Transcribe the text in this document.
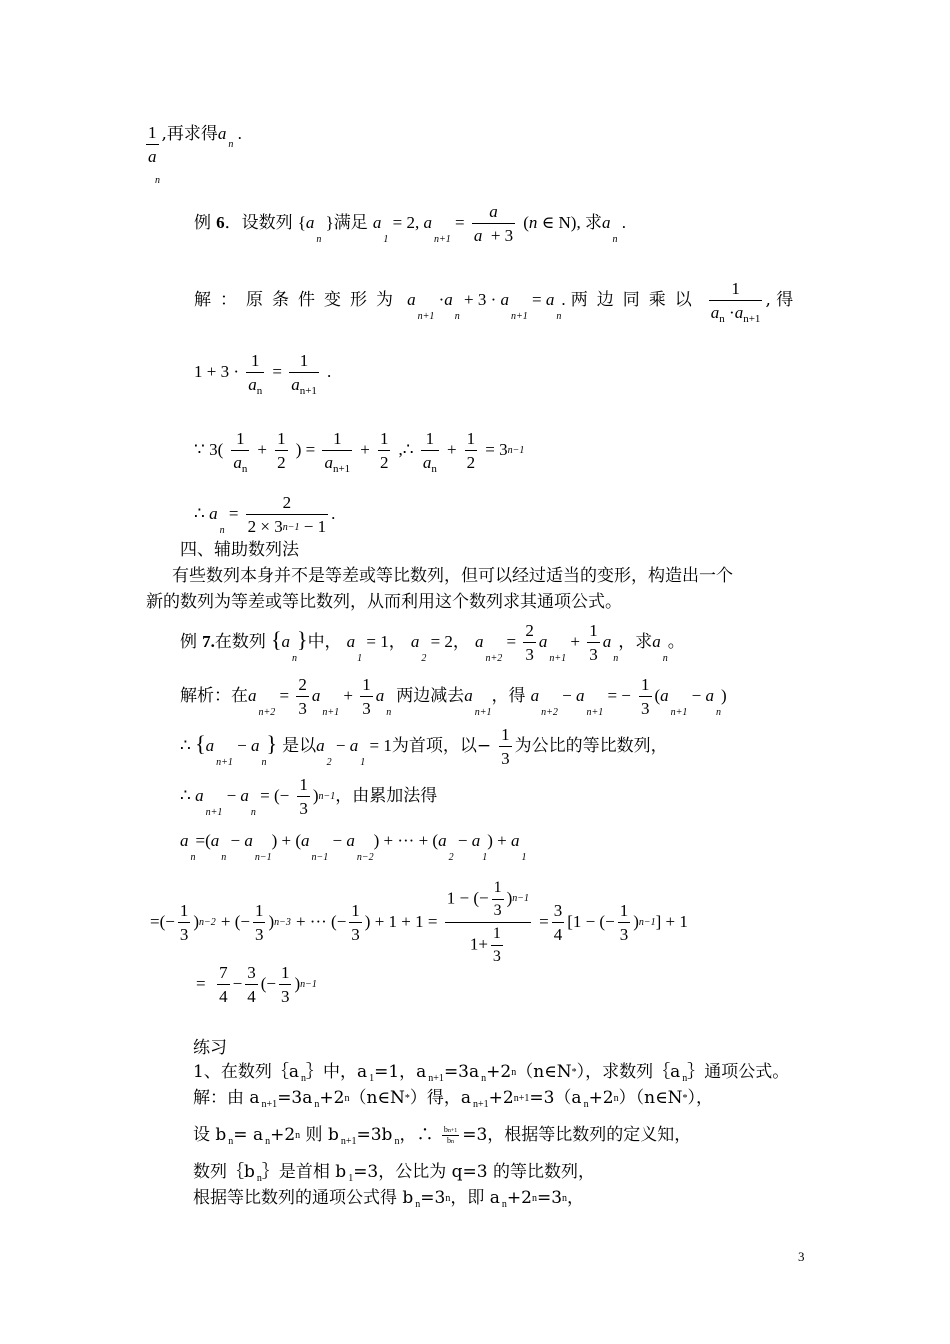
$\frac{1}{a}$ ,再求得an .
n
例 6．设数列 {$a_n$ }满足 $a_1 = 2$, $a_{n+1} = \frac{a}{a + 3} (n$ ∈ N), 求$a_n$ .
解：原条件变形为 $a_{n+1} \cdot a_n + 3 \cdot a_{n+1} = a_n$. 两边同乘以 $\frac{1}{a_n \cdot a_{n+1}}$ , 得
$1 + 3 \cdot \frac{1}{a_n} = \frac{1}{a_{n+1}}$ .
∵ $3( \frac{1}{a_n} + \frac{1}{2}$ ) = $\frac{1}{a_{n+1}} + \frac{1}{2}$ ,∴ $\frac{1}{a_n} + \frac{1}{2} = 3n-1$
∴ $a_n = \frac{2}{2 \times 3n-1 - 1}$ .
四、辅助数列法
有些数列本身并不是等差或等比数列，但可以经过适当的变形，构造出一个
新的数列为等差或等比数列，从而利用这个数列求其通项公式。
例 7.在数列 $\{a_n\}$中， $a_1 = 1$， $a_2 = 2$， $a_{n+2} = \frac{2}{3} a_{n+1} + \frac{1}{3} a_n$，求$a_n$。
解析：在$a_{n+2} = \frac{2}{3} a_{n+1} + \frac{1}{3} a_n$ 两边减去$a_{n+1}$，得 $a_{n+2} - a_{n+1}$ = − $\frac{1}{3} (a_{n+1} - a_n)$
∴ $\{a_{n+1} - a_n\}$ 是以$a_2 - a_1 = 1$为首项，以− $\frac{1}{3}$ 为公比的等比数列，
∴ $a_{n+1} - a_n$ = (− $\frac{1}{3} )n-1$，由累加法得
$a_n=(a_n - a_{n-1}) + (a_{n-1} - a_{n-2})$ + ··· + $(a_2 - a_1) + a_1$
=(− $\frac{1}{3} )n-2$ + (− $\frac{1}{3} )n-3$ + ··· (− $\frac{1}{3}$ ) + $1 + 1 = \frac{1 - (- \frac{1}{3} )n-1}{1+ \frac{1}{3}} = \frac{3}{4} [1$ − (− $\frac{1}{3} )n-1] + 1$
= $\frac{7}{4} - \frac{3}{4}$ (− $\frac{1}{3} )n-1$
练习
1、在数列｛a $_n$｝中，a $_1$=1，a $_{n+1}$=3a $_n$+2n（n∈N*），求数列｛a $_n$｝通项公式。
解：由 a $_{n+1}$=3a $_n$+2n（n∈N*）得，a $_{n+1}$+2n+1=3（a $_n$+2n）（n∈N*），
设 b $_n$= a $_n$+2n 则 b $_{n+1}$=3b $_n$，∴ $\frac{bn+1}{bn} =3$，根据等比数列的定义知，
数列｛b $_n$｝是首相 b $_1$=3，公比为 q=3 的等比数列，
根据等比数列的通项公式得 b $_n$=3n，即 a $_n$+2n=3n，
3
